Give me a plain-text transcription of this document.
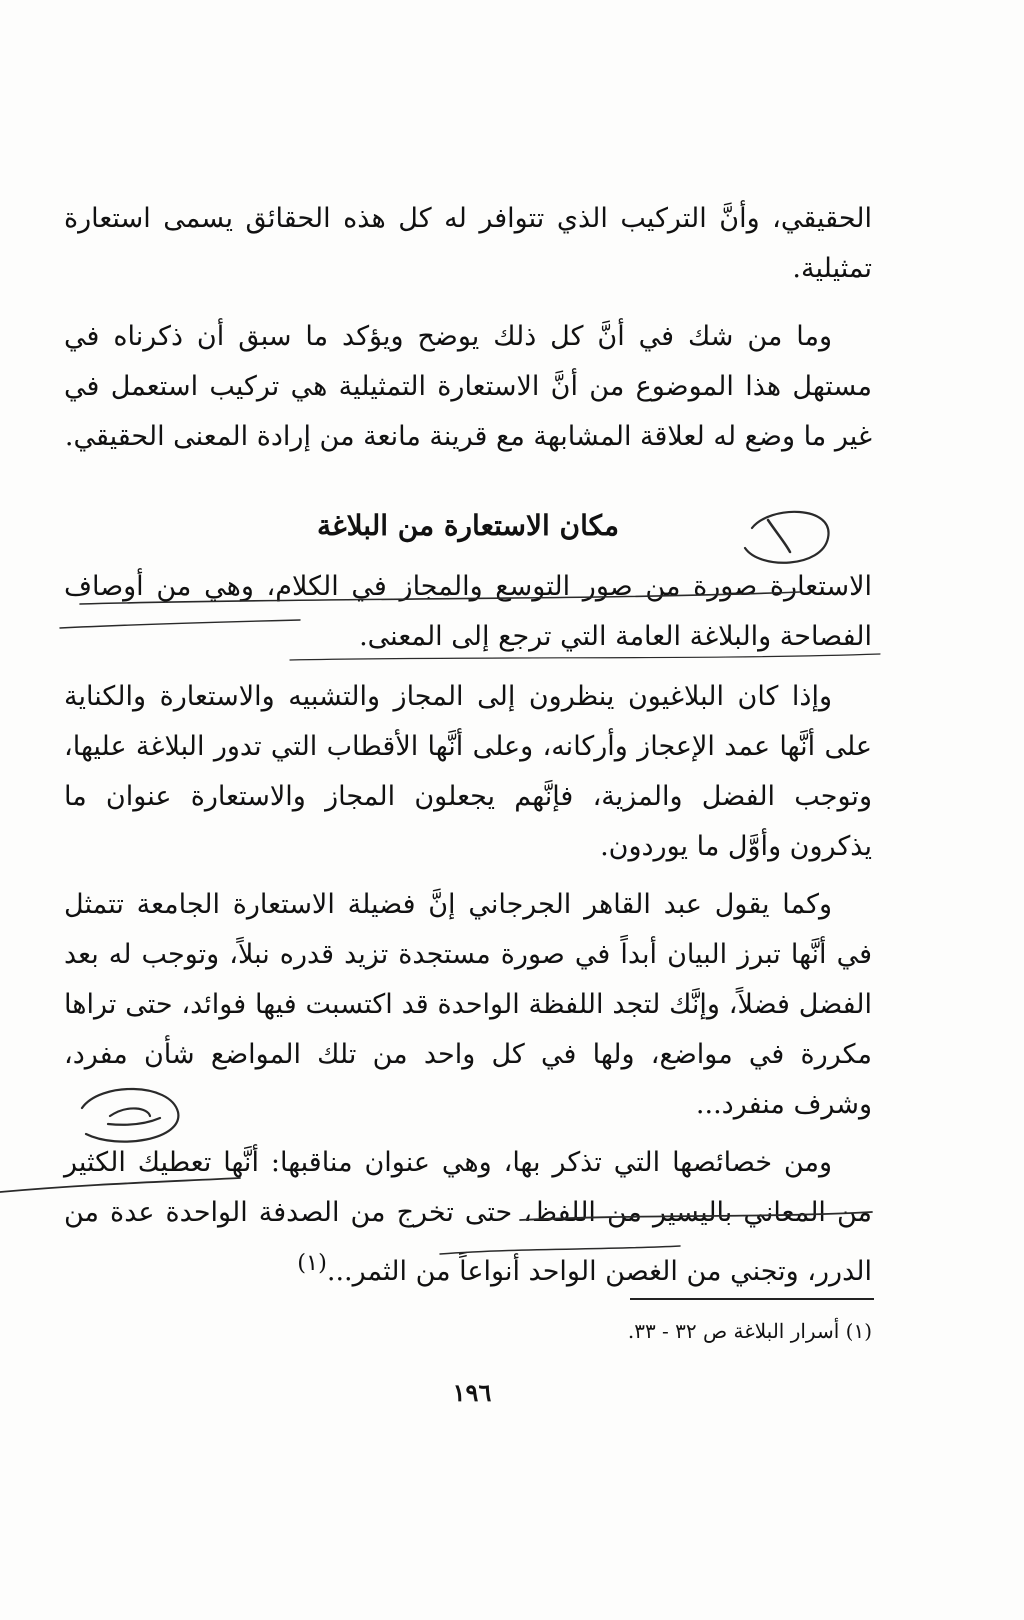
الحقيقي، وأنَّ التركيب الذي تتوافر له كل هذه الحقائق يسمى استعارة تمثيلية.
وما من شك في أنَّ كل ذلك يوضح ويؤكد ما سبق أن ذكرناه في مستهل هذا الموضوع من أنَّ الاستعارة التمثيلية هي تركيب استعمل في غير ما وضع له لعلاقة المشابهة مع قرينة مانعة من إرادة المعنى الحقيقي.
مكان الاستعارة من البلاغة
الاستعارة صورة من صور التوسع والمجاز في الكلام، وهي من أوصاف الفصاحة والبلاغة العامة التي ترجع إلى المعنى.
وإذا كان البلاغيون ينظرون إلى المجاز والتشبيه والاستعارة والكناية على أنَّها عمد الإعجاز وأركانه، وعلى أنَّها الأقطاب التي تدور البلاغة عليها، وتوجب الفضل والمزية، فإنَّهم يجعلون المجاز والاستعارة عنوان ما يذكرون وأوَّل ما يوردون.
وكما يقول عبد القاهر الجرجاني إنَّ فضيلة الاستعارة الجامعة تتمثل في أنَّها تبرز البيان أبداً في صورة مستجدة تزيد قدره نبلاً، وتوجب له بعد الفضل فضلاً، وإنَّك لتجد اللفظة الواحدة قد اكتسبت فيها فوائد، حتى تراها مكررة في مواضع، ولها في كل واحد من تلك المواضع شأن مفرد، وشرف منفرد...
ومن خصائصها التي تذكر بها، وهي عنوان مناقبها: أنَّها تعطيك الكثير من المعاني باليسير من اللفظ، حتى تخرج من الصدفة الواحدة عدة من الدرر، وتجني من الغصن الواحد أنواعاً من الثمر...$^{(١)}$
(١) أسرار البلاغة ص ٣٢ - ٣٣.
١٩٦
